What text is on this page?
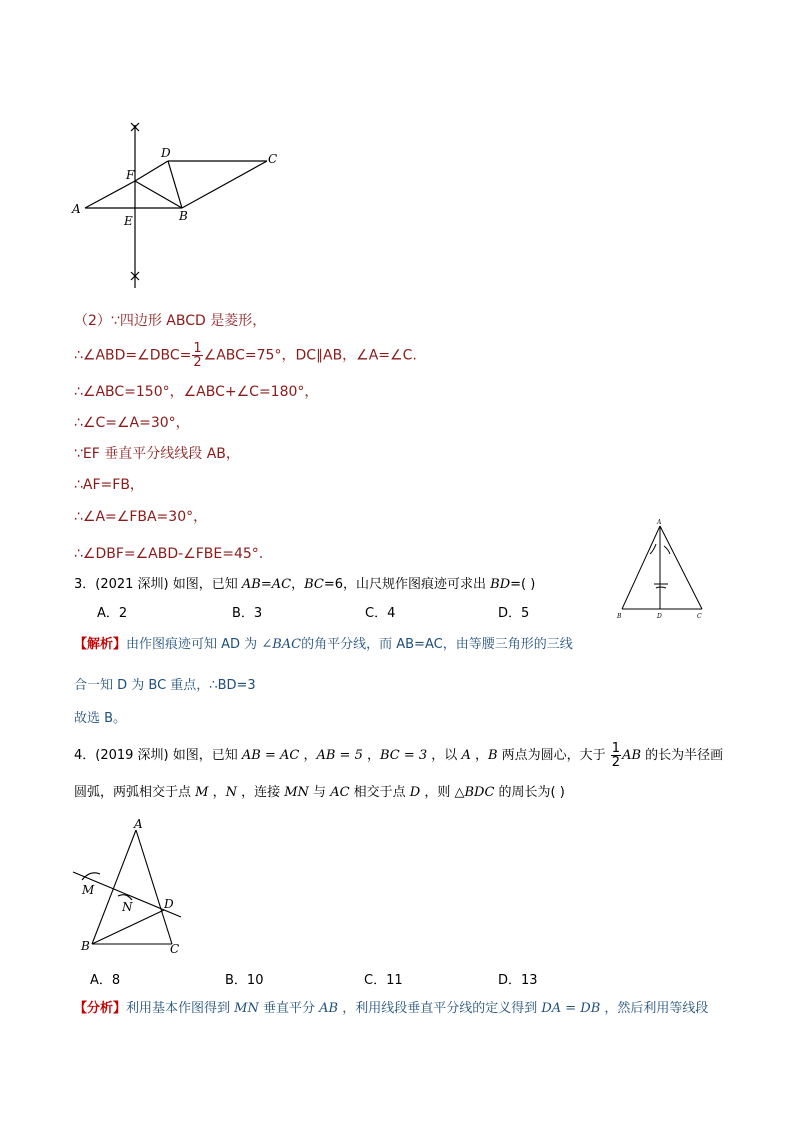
D	C
F
A
E	B
（2）∵四边形 ABCD 是菱形，
∴∠ABD=∠DBC= $\frac{1}{2}$ ∠ABC=75°，DC∥AB，∠A=∠C.
∴∠ABC=150°，∠ABC+∠C=180°，
∴∠C=∠A=30°，
∵EF 垂直平分线线段 AB，
∴AF=FB，
∴∠A=∠FBA=30°，
∴∠DBF=∠ABD-∠FBE=45°.
A
B	D	C
3．(2021 深圳) 如图，已知 AB=AC，BC=6，山尺规作图痕迹可求出 BD=( )
A．2	B．3	C．4	D．5
【解析】由作图痕迹可知 AD 为 ∠BAC的角平分线，而 AB=AC，由等腰三角形的三线
合一知 D 为 BC 重点，∴BD=3
故选 B。
4．(2019 深圳) 如图，已知 AB = AC ，AB = 5 ，BC = 3 ，以 A ，B 两点为圆心，大于 $\frac{1}{2}$ AB 的长为半径画
圆弧，两弧相交于点 M ，N ，连接 MN 与 AC 相交于点 D ，则 △BDC 的周长为( )
A
M
N	D
B	C
A．8	B．10	C．11	D．13
【分析】利用基本作图得到 MN 垂直平分 AB ，利用线段垂直平分线的定义得到 DA = DB ，然后利用等线段
